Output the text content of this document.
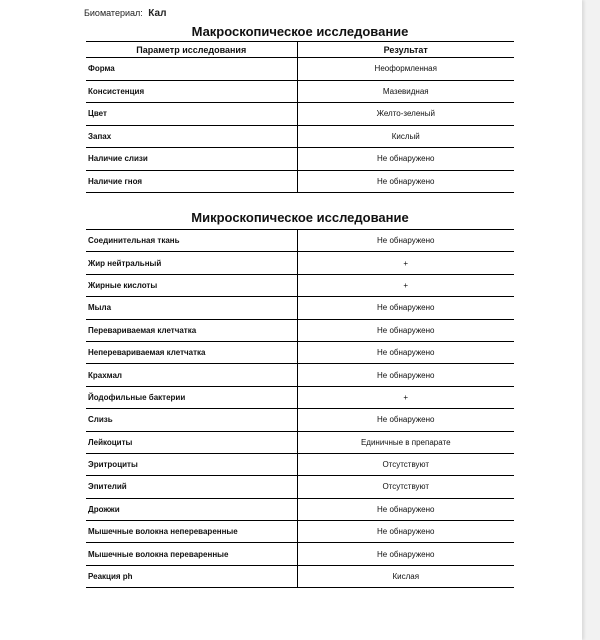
Биоматериал: Кал
Макроскопическое исследование
Параметр исследования	Результат
Форма	Неоформленная
Консистенция	Мазевидная
Цвет	Желто-зеленый
Запах	Кислый
Наличие слизи	Не обнаружено
Наличие гноя	Не обнаружено
Микроскопическое исследование
Соединительная ткань	Не обнаружено
Жир нейтральный	+
Жирные кислоты	+
Мыла	Не обнаружено
Перевариваемая клетчатка	Не обнаружено
Неперевариваемая клетчатка	Не обнаружено
Крахмал	Не обнаружено
Йодофильные бактерии	+
Слизь	Не обнаружено
Лейкоциты	Единичные в препарате
Эритроциты	Отсутствуют
Эпителий	Отсутствуют
Дрожжи	Не обнаружено
Мышечные волокна непереваренные	Не обнаружено
Мышечные волокна переваренные	Не обнаружено
Реакция ph	Кислая
